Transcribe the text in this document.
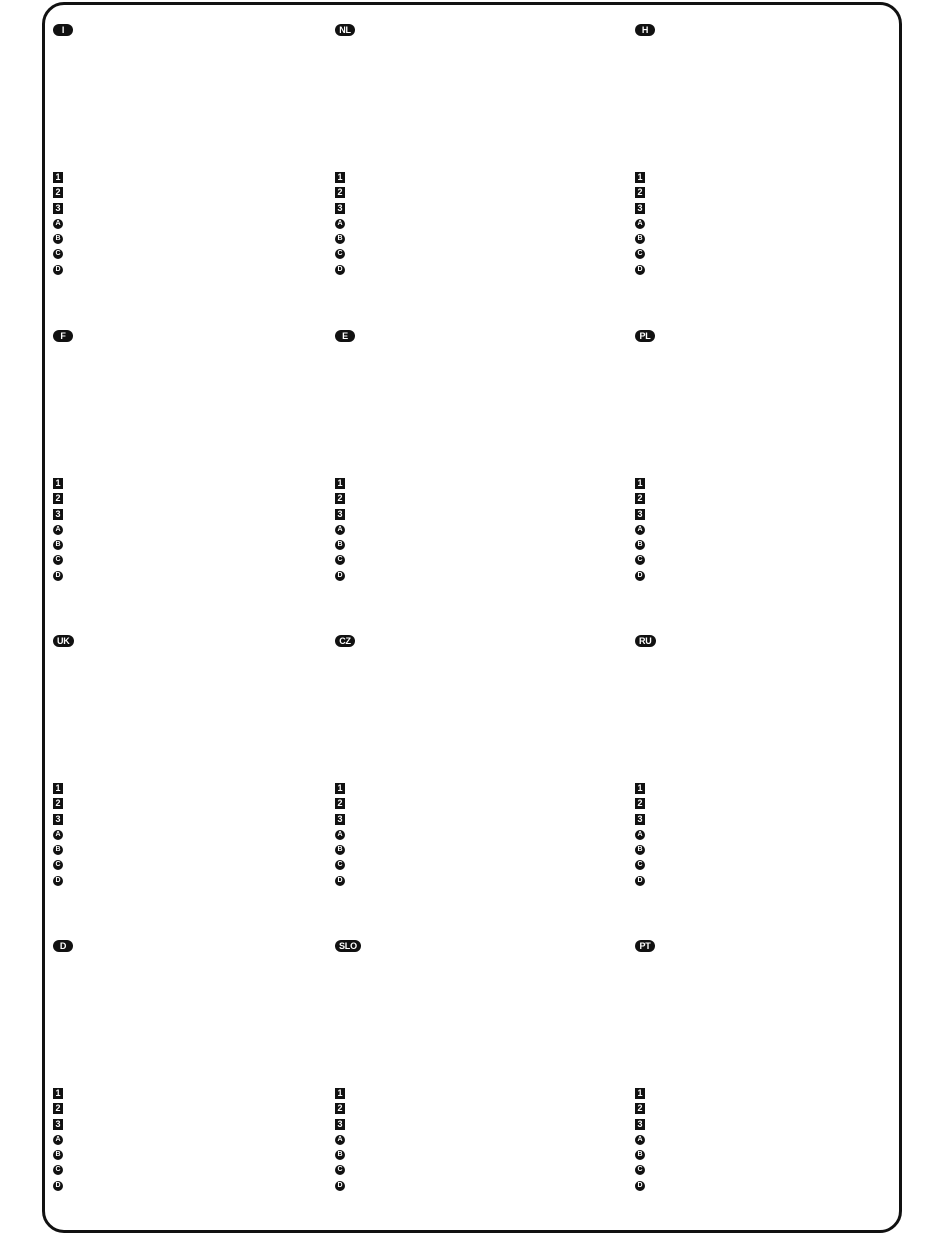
I
1
2
3
A
B
C
D
NL
1
2
3
A
B
C
D
H
1
2
3
A
B
C
D
F
1
2
3
A
B
C
D
E
1
2
3
A
B
C
D
PL
1
2
3
A
B
C
D
UK
1
2
3
A
B
C
D
CZ
1
2
3
A
B
C
D
RU
1
2
3
A
B
C
D
D
1
2
3
A
B
C
D
SLO
1
2
3
A
B
C
D
PT
1
2
3
A
B
C
D
